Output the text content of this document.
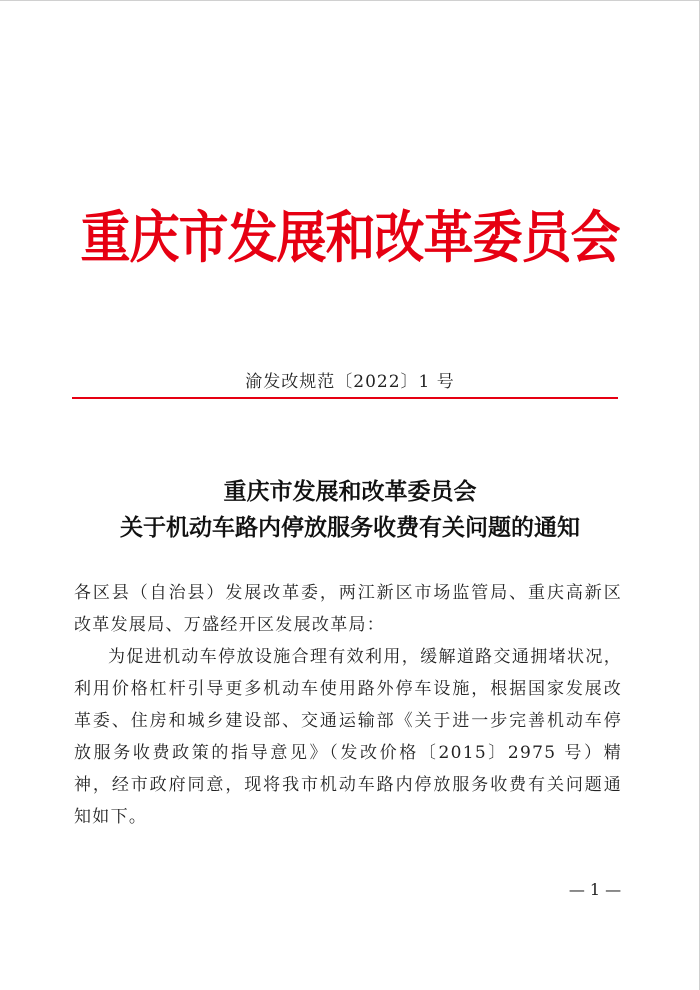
重庆市发展和改革委员会
渝发改规范〔2022〕1 号
重庆市发展和改革委员会
关于机动车路内停放服务收费有关问题的通知

各区县（自治县）发展改革委，两江新区市场监管局、重庆高新区改革发展局、万盛经开区发展改革局：

为促进机动车停放设施合理有效利用，缓解道路交通拥堵状况，利用价格杠杆引导更多机动车使用路外停车设施，根据国家发展改革委、住房和城乡建设部、交通运输部《关于进一步完善机动车停放服务收费政策的指导意见》（发改价格〔2015〕2975 号）精神，经市政府同意，现将我市机动车路内停放服务收费有关问题通知如下。

— 1 —
